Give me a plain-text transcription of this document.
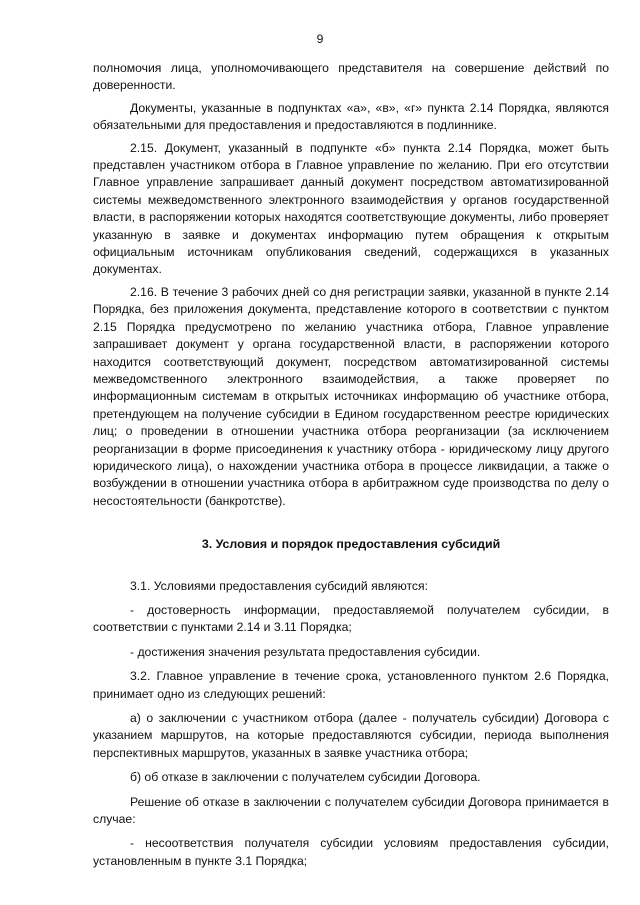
9

полномочия лица, уполномочивающего представителя на совершение действий по доверенности.

Документы, указанные в подпунктах «а», «в», «г» пункта 2.14 Порядка, являются обязательными для предоставления и предоставляются в подлиннике.

2.15. Документ, указанный в подпункте «б» пункта 2.14 Порядка, может быть представлен участником отбора в Главное управление по желанию. При его отсутствии Главное управление запрашивает данный документ посредством автоматизированной системы межведомственного электронного взаимодействия у органов государственной власти, в распоряжении которых находятся соответствующие документы, либо проверяет указанную в заявке и документах информацию путем обращения к открытым официальным источникам опубликования сведений, содержащихся в указанных документах.

2.16. В течение 3 рабочих дней со дня регистрации заявки, указанной в пункте 2.14 Порядка, без приложения документа, представление которого в соответствии с пунктом 2.15 Порядка предусмотрено по желанию участника отбора, Главное управление запрашивает документ у органа государственной власти, в распоряжении которого находится соответствующий документ, посредством автоматизированной системы межведомственного электронного взаимодействия, а также проверяет по информационным системам в открытых источниках информацию об участнике отбора, претендующем на получение субсидии в Едином государственном реестре юридических лиц; о проведении в отношении участника отбора реорганизации (за исключением реорганизации в форме присоединения к участнику отбора - юридическому лицу другого юридического лица), о нахождении участника отбора в процессе ликвидации, а также о возбуждении в отношении участника отбора в арбитражном суде производства по делу о несостоятельности (банкротстве).

3. Условия и порядок предоставления субсидий

3.1. Условиями предоставления субсидий являются:

- достоверность информации, предоставляемой получателем субсидии, в соответствии с пунктами 2.14 и 3.11 Порядка;

- достижения значения результата предоставления субсидии.

3.2. Главное управление в течение срока, установленного пунктом 2.6 Порядка, принимает одно из следующих решений:

а) о заключении с участником отбора (далее - получатель субсидии) Договора с указанием маршрутов, на которые предоставляются субсидии, периода выполнения перспективных маршрутов, указанных в заявке участника отбора;

б) об отказе в заключении с получателем субсидии Договора.

Решение об отказе в заключении с получателем субсидии Договора принимается в случае:

- несоответствия получателя субсидии условиям предоставления субсидии, установленным в пункте 3.1 Порядка;
